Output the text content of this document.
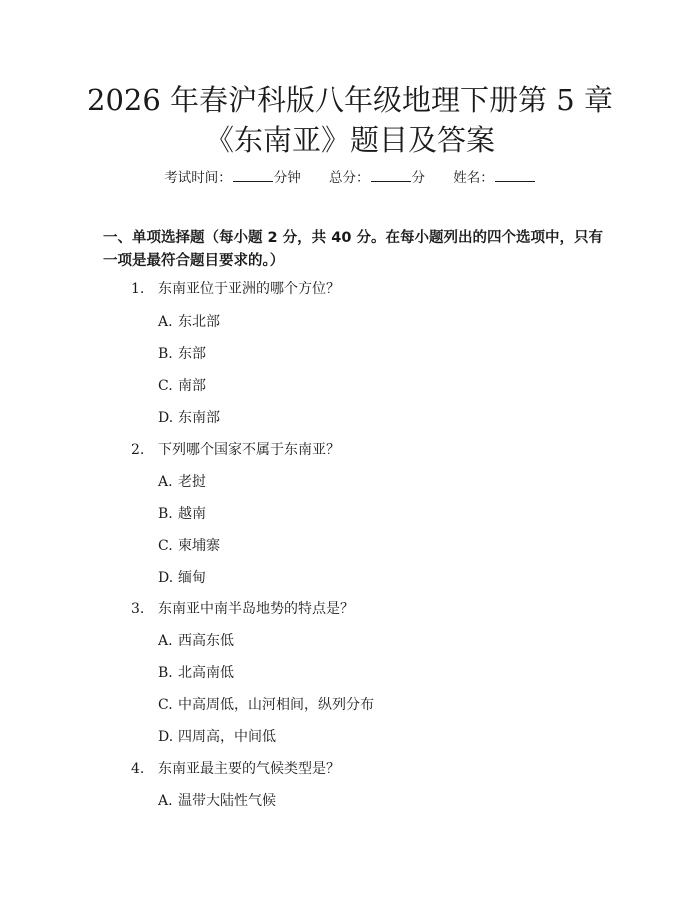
2026 年春沪科版八年级地理下册第 5 章《东南亚》题目及答案
考试时间：	分钟 总分：	分 姓名：
一、单项选择题（每小题 2 分，共 40 分。在每小题列出的四个选项中，只有一项是最符合题目要求的。）
1. 东南亚位于亚洲的哪个方位？
A. 东北部
B. 东部
C. 南部
D. 东南部
2. 下列哪个国家不属于东南亚？
A. 老挝
B. 越南
C. 柬埔寨
D. 缅甸
3. 东南亚中南半岛地势的特点是？
A. 西高东低
B. 北高南低
C. 中高周低，山河相间，纵列分布
D. 四周高，中间低
4. 东南亚最主要的气候类型是？
A. 温带大陆性气候
